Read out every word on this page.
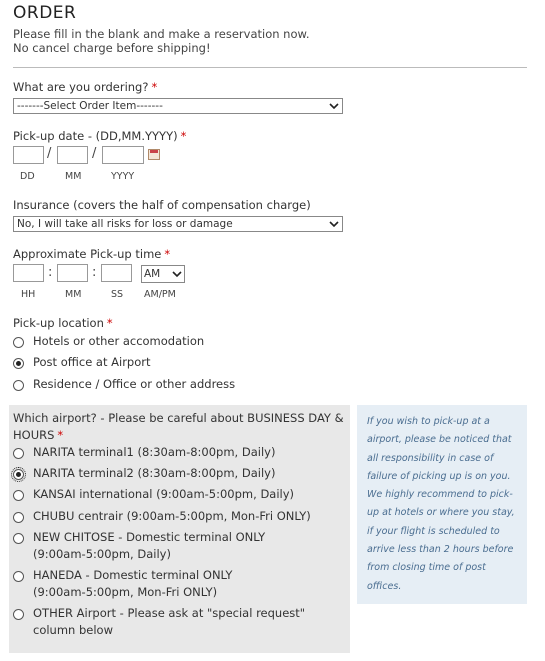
ORDER
Please fill in the blank and make a reservation now.
No cancel charge before shipping!
What are you ordering? *
-------Select Order Item-------
Pick-up date - (DD,MM.YYYY) *
/	/
DD	MM	YYYY
Insurance (covers the half of compensation charge)
No, I will take all risks for loss or damage
Approximate Pick-up time *
:	:	AM
HH	MM	SS AM/PM
Pick-up location *
Hotels or other accomodation
Post office at Airport
Residence / Office or other address
Which airport? - Please be careful about BUSINESS DAY &
HOURS *
NARITA terminal1 (8:30am-8:00pm, Daily)
NARITA terminal2 (8:30am-8:00pm, Daily)
KANSAI international (9:00am-5:00pm, Daily)
CHUBU centrair (9:00am-5:00pm, Mon-Fri ONLY)
NEW CHITOSE - Domestic terminal ONLY
(9:00am-5:00pm, Daily)
HANEDA - Domestic terminal ONLY
(9:00am-5:00pm, Mon-Fri ONLY)
OTHER Airport - Please ask at "special request"
column below
If you wish to pick-up at a
airport, please be noticed that
all responsibility in case of
failure of picking up is on you.
We highly recommend to pick-
up at hotels or where you stay,
if your flight is scheduled to
arrive less than 2 hours before
from closing time of post
offices.
